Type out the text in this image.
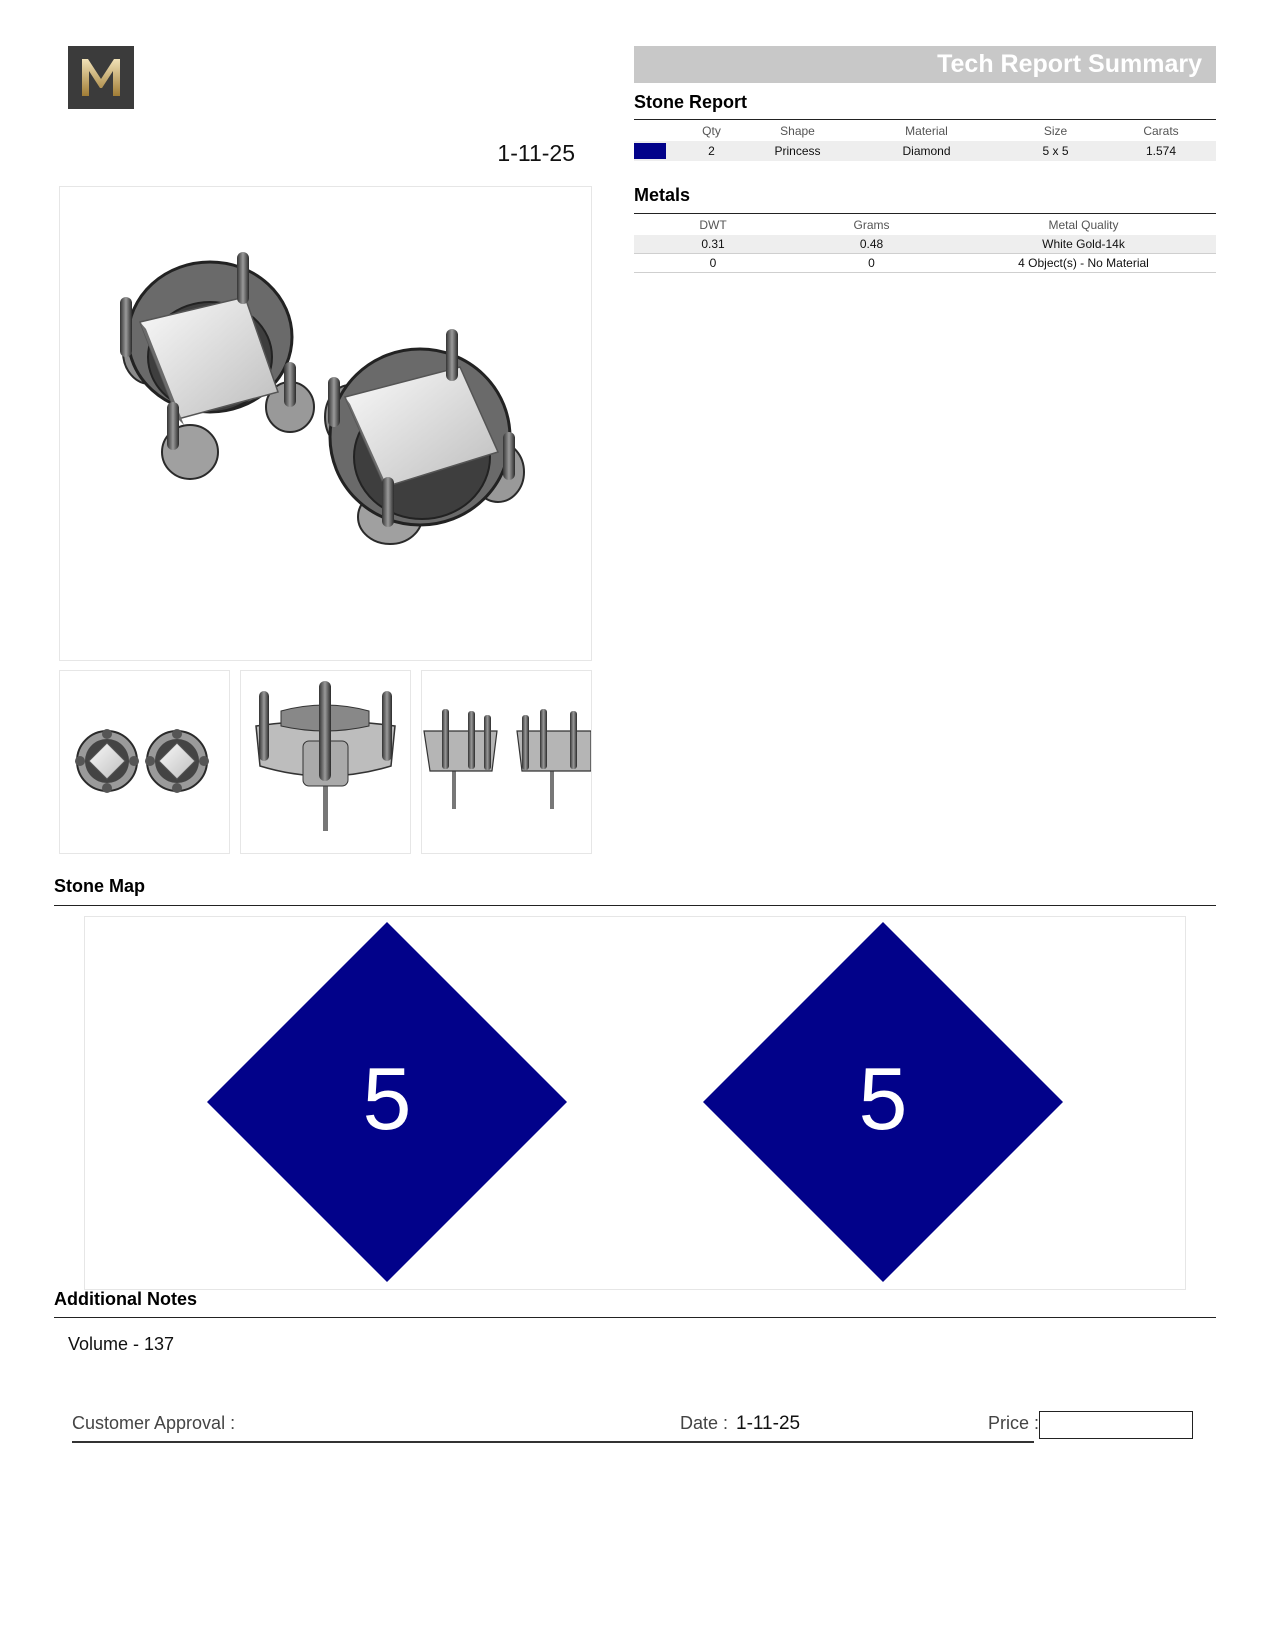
1-11-25
Tech Report Summary
Stone Report
	Qty	Shape	Material	Size	Carats

	2	Princess	Diamond	5 x 5	1.574
Metals
DWT	Grams	Metal Quality
0.31	0.48	White Gold-14k
0	0	4 Object(s) - No Material
Stone Map
5	5
Additional Notes
Volume - 137
Customer Approval :	Date : 1-11-25	Price :
